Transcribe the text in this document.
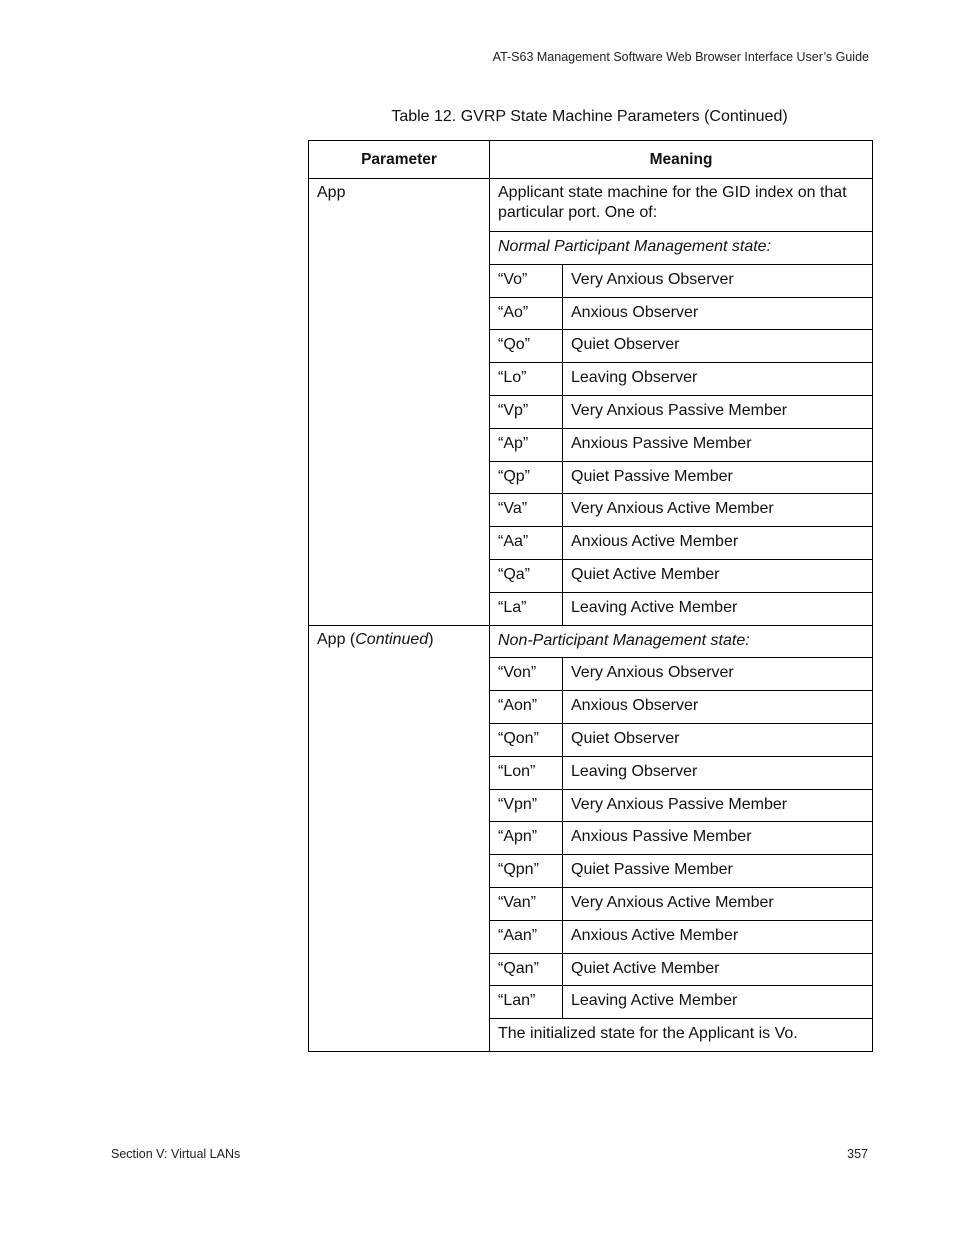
AT-S63 Management Software Web Browser Interface User’s Guide
Table 12. GVRP State Machine Parameters (Continued)
Parameter	Meaning	
App	Applicant state machine for the GID index on that particular port. One of:	
	Normal Participant Management state:	
	“Vo”	Very Anxious Observer
	“Ao”	Anxious Observer
	“Qo”	Quiet Observer
	“Lo”	Leaving Observer
	“Vp”	Very Anxious Passive Member
	“Ap”	Anxious Passive Member
	“Qp”	Quiet Passive Member
	“Va”	Very Anxious Active Member
	“Aa”	Anxious Active Member
	“Qa”	Quiet Active Member
	“La”	Leaving Active Member
App (Continued)	Non-Participant Management state:	
	“Von”	Very Anxious Observer
	“Aon”	Anxious Observer
	“Qon”	Quiet Observer
	“Lon”	Leaving Observer
	“Vpn”	Very Anxious Passive Member
	“Apn”	Anxious Passive Member
	“Qpn”	Quiet Passive Member
	“Van”	Very Anxious Active Member
	“Aan”	Anxious Active Member
	“Qan”	Quiet Active Member
	“Lan”	Leaving Active Member
	The initialized state for the Applicant is Vo.	
Section V: Virtual LANs	357
